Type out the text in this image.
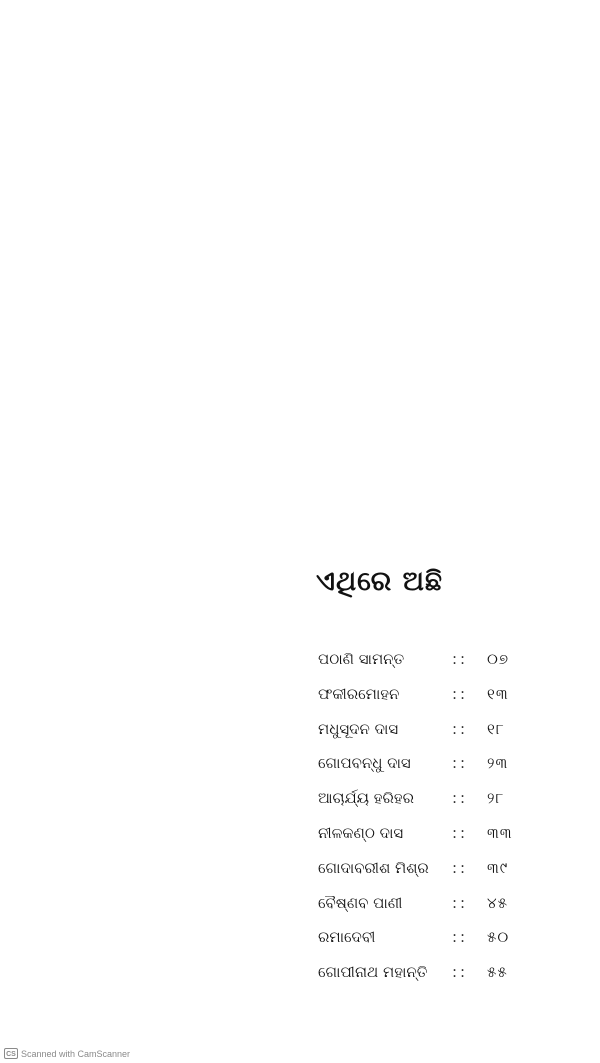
ଏଥିରେ ଅଛି
ପଠାଣି ସାମନ୍ତ	:: ୦୭
ଫକୀରମୋହନ	:: ୧୩
ମଧୁସୂଦନ ଦାସ	:: ୧୮
ଗୋପବନ୍ଧୁ ଦାସ	:: ୨୩
ଆଚାର୍ଯ୍ୟ ହରିହର	:: ୨୮
ନୀଳକଣ୍ଠ ଦାସ	:: ୩୩
ଗୋଦାବରୀଶ ମିଶ୍ର :: ୩୯
ବୈଷ୍ଣବ ପାଣୀ	:: ୪୫
ରମାଦେବୀ	:: ୫୦
ଗୋପୀନାଥ ମହାନ୍ତି :: ୫୫
CS Scanned with CamScanner
